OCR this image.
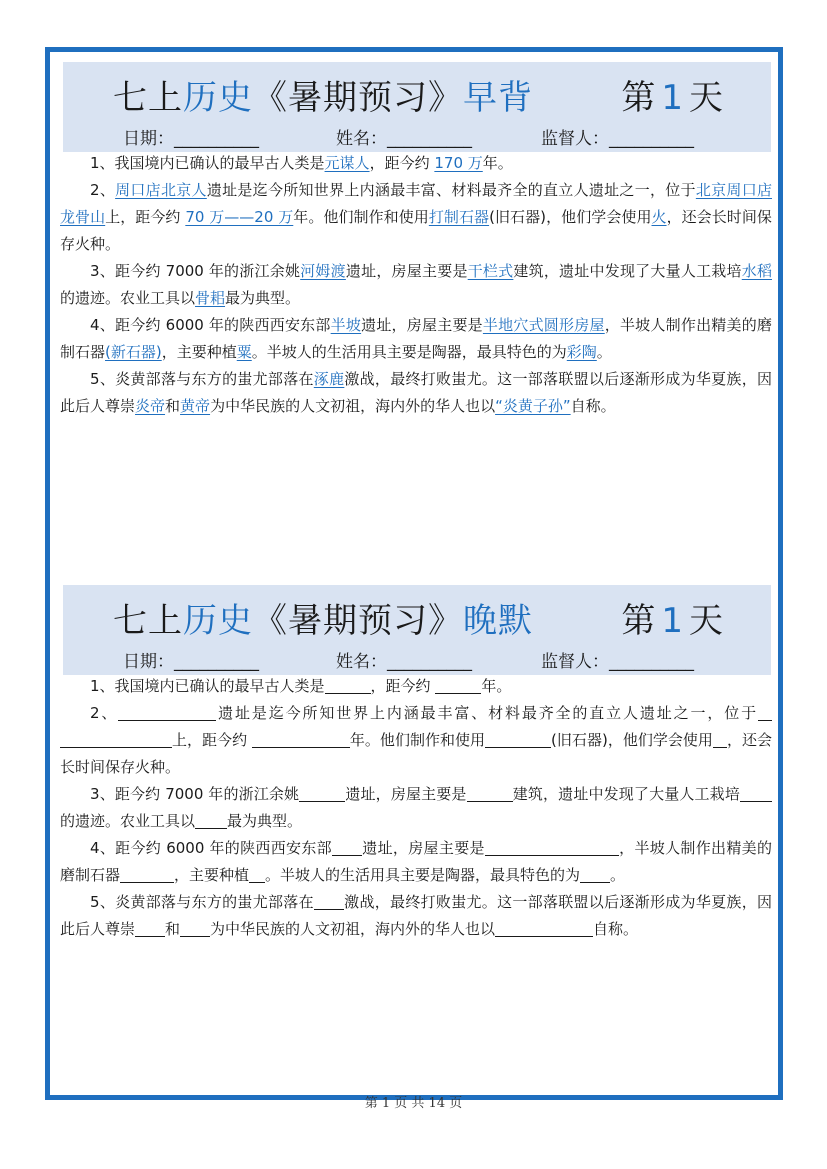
七上历史《暑期预习》早背	第 1 天
日期：__________	姓名：__________	监督人：__________

1、我国境内已确认的最早古人类是元谋人，距今约 170 万年。

2、周口店北京人遗址是迄今所知世界上内涵最丰富、材料最齐全的直立人遗址之一，位于北京周口店龙骨山上，距今约 70 万——20 万年。他们制作和使用打制石器(旧石器)，他们学会使用火，还会长时间保存火种。

3、距今约 7000 年的浙江余姚河姆渡遗址，房屋主要是干栏式建筑，遗址中发现了大量人工栽培水稻的遗迹。农业工具以骨耜最为典型。

4、距今约 6000 年的陕西西安东部半坡遗址，房屋主要是半地穴式圆形房屋，半坡人制作出精美的磨制石器(新石器)，主要种植粟。半坡人的生活用具主要是陶器，最具特色的为彩陶。

5、炎黄部落与东方的蚩尤部落在涿鹿激战，最终打败蚩尤。这一部落联盟以后逐渐形成为华夏族，因此后人尊崇炎帝和黄帝为中华民族的人文初祖，海内外的华人也以“炎黄子孙”自称。

七上历史《暑期预习》晚默	第 1 天
日期：__________	姓名：__________	监督人：__________

1、我国境内已确认的最早古人类是	，距今约	年。

2、	遗址是迄今所知世界上内涵最丰富、材料最齐全的直立人遗址之一，位于 上，距今约	年。他们制作和使用	(旧石器)，他们学会使用 ，还会长时间保存火种。

3、距今约 7000 年的浙江余姚	遗址，房屋主要是	建筑，遗址中发现了大量人工栽培的遗迹。农业工具以 最为典型。

4、距今约 6000 年的陕西西安东部 遗址，房屋主要是	，半坡人制作出精美的磨制石器	，主要种植 。半坡人的生活用具主要是陶器，最具特色的为 。

5、炎黄部落与东方的蚩尤部落在 激战，最终打败蚩尤。这一部落联盟以后逐渐形成为华夏族，因此后人尊崇 和 为中华民族的人文初祖，海内外的华人也以	自称。

第 1 页 共 14 页
